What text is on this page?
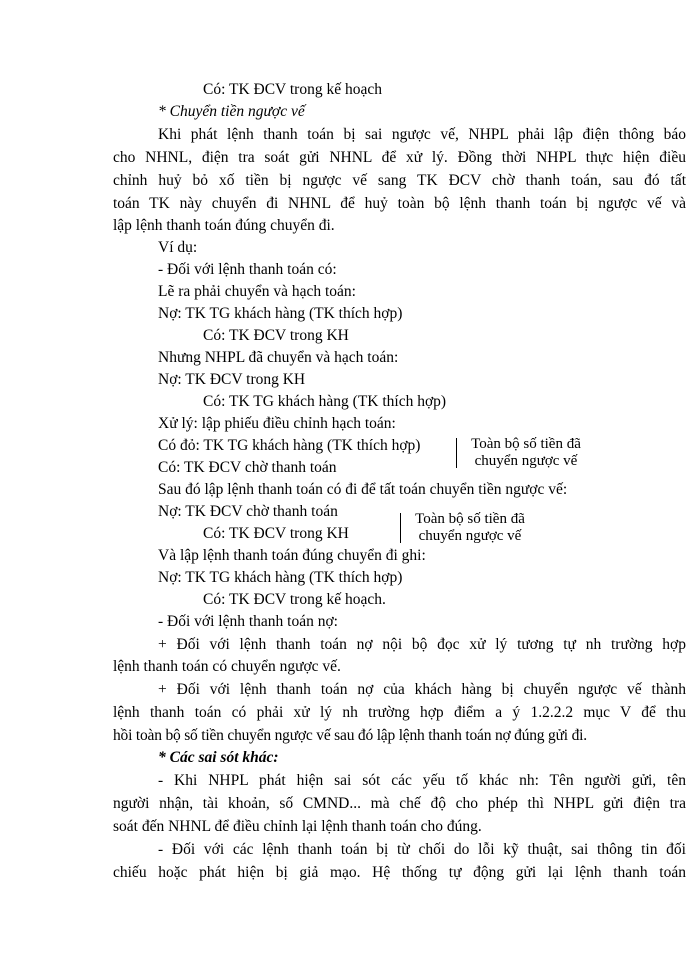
Có: TK ĐCV trong kế hoạch
* Chuyển tiền ngược vế
Khi phát lệnh thanh toán bị sai ngược vế, NHPL phải lập điện thông báo
cho NHNL, điện tra soát gửi NHNL để xử lý. Đồng thời NHPL thực hiện điều
chỉnh huỷ bỏ xố tiền bị ngược vế sang TK ĐCV chờ thanh toán, sau đó tất
toán TK này chuyển đi NHNL để huỷ toàn bộ lệnh thanh toán bị ngược vế và
lập lệnh thanh toán đúng chuyển đi.
Ví dụ:
- Đối với lệnh thanh toán có:
Lẽ ra phải chuyển và hạch toán:
Nợ: TK TG khách hàng (TK thích hợp)
Có: TK ĐCV trong KH
Nhưng NHPL đã chuyển và hạch toán:
Nợ: TK ĐCV trong KH
Có: TK TG khách hàng (TK thích hợp)
Xử lý: lập phiếu điều chỉnh hạch toán:
Có đỏ: TK TG khách hàng (TK thích hợp)
Có: TK ĐCV chờ thanh toán
Toàn bộ số tiền đã
chuyển ngược vế
Sau đó lập lệnh thanh toán có đi để tất toán chuyển tiền ngược vế:
Nợ: TK ĐCV chờ thanh toán
Có: TK ĐCV trong KH
Toàn bộ số tiền đã
chuyển ngược vế
Và lập lệnh thanh toán đúng chuyển đi ghi:
Nợ: TK TG khách hàng (TK thích hợp)
Có: TK ĐCV trong kế hoạch.
- Đối với lệnh thanh toán nợ:
+ Đối với lệnh thanh toán nợ nội bộ đọc xử lý tương tự nh trường hợp
lệnh thanh toán có chuyển ngược vế.
+ Đối với lệnh thanh toán nợ của khách hàng bị chuyển ngược vế thành
lệnh thanh toán có phải xử lý nh trường hợp điểm a ý 1.2.2.2 mục V để thu
hồi toàn bộ số tiền chuyển ngược vế sau đó lập lệnh thanh toán nợ đúng gửi đi.
* Các sai sót khác:
- Khi NHPL phát hiện sai sót các yếu tố khác nh: Tên người gửi, tên
người nhận, tài khoản, số CMND... mà chế độ cho phép thì NHPL gửi điện tra
soát đến NHNL để điều chỉnh lại lệnh thanh toán cho đúng.
- Đối với các lệnh thanh toán bị từ chối do lỗi kỹ thuật, sai thông tin đối
chiếu hoặc phát hiện bị giả mạo. Hệ thống tự động gửi lại lệnh thanh toán
